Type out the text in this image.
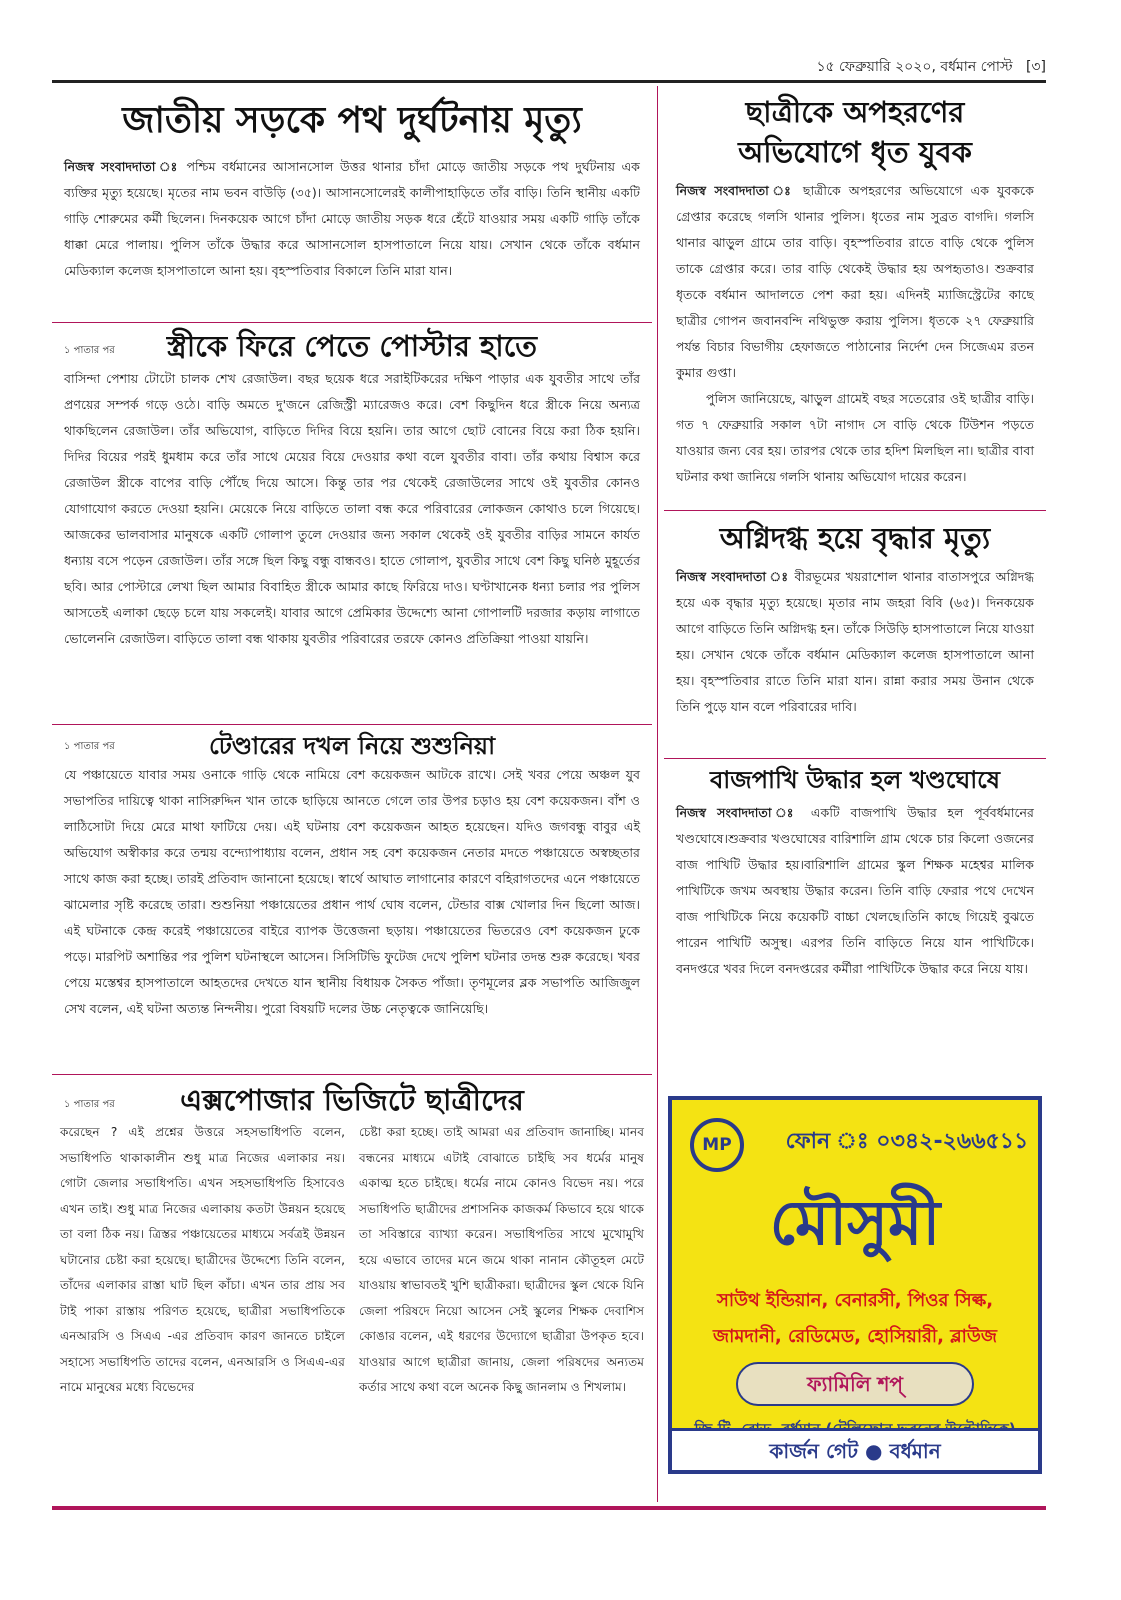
১৫ ফেব্রুয়ারি ২০২০, বর্ধমান পোস্ট [৩]
জাতীয় সড়কে পথ দুর্ঘটনায় মৃত্যু
নিজস্ব সংবাদদাতা ঃ পশ্চিম বর্ধমানের আসানসোল উত্তর থানার চাঁদা মোড়ে জাতীয় সড়কে পথ দুর্ঘটনায় এক ব্যক্তির মৃত্যু হয়েছে। মৃতের নাম ভবন বাউড়ি (৩৫)। আসানসোলেরই কালীপাহাড়িতে তাঁর বাড়ি। তিনি স্থানীয় একটি গাড়ি শোরুমের কর্মী ছিলেন। দিনকয়েক আগে চাঁদা মোড়ে জাতীয় সড়ক ধরে হেঁটে যাওয়ার সময় একটি গাড়ি তাঁকে ধাক্কা মেরে পালায়। পুলিস তাঁকে উদ্ধার করে আসানসোল হাসপাতালে নিয়ে যায়। সেখান থেকে তাঁকে বর্ধমান মেডিক্যাল কলেজ হাসপাতালে আনা হয়। বৃহস্পতিবার বিকালে তিনি মারা যান।
১ পাতার পর	স্ত্রীকে ফিরে পেতে পোস্টার হাতে
বাসিন্দা পেশায় টোটো চালক শেখ রেজাউল। বছর ছয়েক ধরে সরাইটিকরের দক্ষিণ পাড়ার এক যুবতীর সাথে তাঁর প্রণয়ের সম্পর্ক গড়ে ওঠে। বাড়ি অমতে দু'জনে রেজিস্ট্রী ম্যারেজও করে। বেশ কিছুদিন ধরে স্ত্রীকে নিয়ে অন্যত্র থাকছিলেন রেজাউল। তাঁর অভিযোগ, বাড়িতে দিদির বিয়ে হয়নি। তার আগে ছোট বোনের বিয়ে করা ঠিক হয়নি। দিদির বিয়ের পরই ধুমধাম করে তাঁর সাথে মেয়ের বিয়ে দেওয়ার কথা বলে যুবতীর বাবা। তাঁর কথায় বিশ্বাস করে রেজাউল স্ত্রীকে বাপের বাড়ি পৌঁছে দিয়ে আসে। কিন্তু তার পর থেকেই রেজাউলের সাথে ওই যুবতীর কোনও যোগাযোগ করতে দেওয়া হয়নি। মেয়েকে নিয়ে বাড়িতে তালা বন্ধ করে পরিবারের লোকজন কোথাও চলে গিয়েছে। আজকের ভালবাসার মানুষকে একটি গোলাপ তুলে দেওয়ার জন্য সকাল থেকেই ওই যুবতীর বাড়ির সামনে কার্যত ধন্যায় বসে পড়েন রেজাউল। তাঁর সঙ্গে ছিল কিছু বন্ধু বান্ধবও। হাতে গোলাপ, যুবতীর সাথে বেশ কিছু ঘনিষ্ঠ মুহূর্তের ছবি। আর পোস্টারে লেখা ছিল আমার বিবাহিত স্ত্রীকে আমার কাছে ফিরিয়ে দাও। ঘণ্টাখানেক ধন্যা চলার পর পুলিস আসতেই এলাকা ছেড়ে চলে যায় সকলেই। যাবার আগে প্রেমিকার উদ্দেশ্যে আনা গোপালটি দরজার কড়ায় লাগাতে ভোলেননি রেজাউল। বাড়িতে তালা বন্ধ থাকায় যুবতীর পরিবারের তরফে কোনও প্রতিক্রিয়া পাওয়া যায়নি।
১ পাতার পর	টেণ্ডারের দখল নিয়ে শুশুনিয়া
যে পঞ্চায়েতে যাবার সময় ওনাকে গাড়ি থেকে নামিয়ে বেশ কয়েকজন আটকে রাখে। সেই খবর পেয়ে অঞ্চল যুব সভাপতির দায়িত্বে থাকা নাসিরুদ্দিন খান তাকে ছাড়িয়ে আনতে গেলে তার উপর চড়াও হয় বেশ কয়েকজন। বাঁশ ও লাঠিসোটা দিয়ে মেরে মাথা ফাটিয়ে দেয়। এই ঘটনায় বেশ কয়েকজন আহত হয়েছেন। যদিও জগবন্ধু বাবুর এই অভিযোগ অস্বীকার করে তন্ময় বন্দ্যোপাধ্যায় বলেন, প্রধান সহ বেশ কয়েকজন নেতার মদতে পঞ্চায়েতে অস্বচ্ছতার সাথে কাজ করা হচ্ছে। তারই প্রতিবাদ জানানো হয়েছে। স্বার্থে আঘাত লাগানোর কারণে বহিরাগতদের এনে পঞ্চায়েতে ঝামেলার সৃষ্টি করেছে তারা। শুশুনিয়া পঞ্চায়েতের প্রধান পার্থ ঘোষ বলেন, টেন্ডার বাক্স খোলার দিন ছিলো আজ। এই ঘটনাকে কেন্দ্র করেই পঞ্চায়েতের বাইরে ব্যাপক উত্তেজনা ছড়ায়। পঞ্চায়েতের ভিতরেও বেশ কয়েকজন ঢুকে পড়ে। মারপিট অশান্তির পর পুলিশ ঘটনাস্থলে আসেন। সিসিটিভি ফুটেজ দেখে পুলিশ ঘটনার তদন্ত শুরু করেছে। খবর পেয়ে মস্তেশ্বর হাসপাতালে আহতদের দেখতে যান স্থানীয় বিধায়ক সৈকত পাঁজা। তৃণমূলের ব্লক সভাপতি আজিজুল সেখ বলেন, এই ঘটনা অত্যন্ত নিন্দনীয়। পুরো বিষয়টি দলের উচ্চ নেতৃত্বকে জানিয়েছি।
১ পাতার পর	এক্সপোজার ভিজিটে ছাত্রীদের
করেছেন ? এই প্রশ্নের উত্তরে সহসভাধিপতি বলেন, সভাধিপতি থাকাকালীন শুধু মাত্র নিজের এলাকার নয়। গোটা জেলার সভাধিপতি। এখন সহসভাধিপতি হিসাবেও এখন তাই। শুধু মাত্র নিজের এলাকায় কতটা উন্নয়ন হয়েছে তা বলা ঠিক নয়। ত্রিস্তর পঞ্চায়েতের মাধ্যমে সর্বত্রই উন্নয়ন ঘটানোর চেষ্টা করা হয়েছে। ছাত্রীদের উদ্দেশ্যে তিনি বলেন, তাঁদের এলাকার রাস্তা ঘাট ছিল কাঁচা। এখন তার প্রায় সব টাই পাকা রাস্তায় পরিণত হয়েছে, ছাত্রীরা সভাধিপতিকে এনআরসি ও সিএএ -এর প্রতিবাদ কারণ জানতে চাইলে সহাস্যে সভাধিপতি তাদের বলেন, এনআরসি ও সিএএ-এর নামে মানুষের মধ্যে বিভেদের
চেষ্টা করা হচ্ছে। তাই আমরা এর প্রতিবাদ জানাচ্ছি। মানব বন্ধনের মাধ্যমে এটাই বোঝাতে চাইছি সব ধর্মের মানুষ একাত্ম হতে চাইছে। ধর্মের নামে কোনও বিভেদ নয়। পরে সভাধিপতি ছাত্রীদের প্রশাসনিক কাজকর্ম কিভাবে হয়ে থাকে তা সবিস্তারে ব্যাখ্যা করেন। সভাধিপতির সাথে মুখোমুখি হয়ে এভাবে তাদের মনে জমে থাকা নানান কৌতূহল মেটে যাওয়ায় স্বাভাবতই খুশি ছাত্রীকরা। ছাত্রীদের স্কুল থেকে যিনি জেলা পরিষদে নিয়ো আসেন সেই স্কুলের শিক্ষক দেবাশিস কোঙার বলেন, এই ধরণের উদ্যোগে ছাত্রীরা উপকৃত হবে। যাওয়ার আগে ছাত্রীরা জানায়, জেলা পরিষদের অন্যতম কর্তার সাথে কথা বলে অনেক কিছু জানলাম ও শিখলাম।
ছাত্রীকে অপহরণের
অভিযোগে ধৃত যুবক
নিজস্ব সংবাদদাতা ঃ ছাত্রীকে অপহরণের অভিযোগে এক যুবককে গ্রেপ্তার করেছে গলসি থানার পুলিস। ধৃতের নাম সুব্রত বাগদি। গলসি থানার ঝাড়ুল গ্রামে তার বাড়ি। বৃহস্পতিবার রাতে বাড়ি থেকে পুলিস তাকে গ্রেপ্তার করে। তার বাড়ি থেকেই উদ্ধার হয় অপহৃতাও। শুক্রবার ধৃতকে বর্ধমান আদালতে পেশ করা হয়। এদিনই ম্যাজিস্ট্রেটের কাছে ছাত্রীর গোপন জবানবন্দি নথিভুক্ত করায় পুলিস। ধৃতকে ২৭ ফেব্রুয়ারি পর্যন্ত বিচার বিভাগীয় হেফাজতে পাঠানোর নির্দেশ দেন সিজেএম রতন কুমার গুপ্তা।
পুলিস জানিয়েছে, ঝাড়ুল গ্রামেই বছর সতেরোর ওই ছাত্রীর বাড়ি। গত ৭ ফেব্রুয়ারি সকাল ৭টা নাগাদ সে বাড়ি থেকে টিউশন পড়তে যাওয়ার জন্য বের হয়। তারপর থেকে তার হদিশ মিলছিল না। ছাত্রীর বাবা ঘটনার কথা জানিয়ে গলসি থানায় অভিযোগ দায়ের করেন।
অগ্নিদগ্ধ হয়ে বৃদ্ধার মৃত্যু
নিজস্ব সংবাদদাতা ঃ বীরভূমের খয়রাশোল থানার বাতাসপুরে অগ্নিদগ্ধ হয়ে এক বৃদ্ধার মৃত্যু হয়েছে। মৃতার নাম জহরা বিবি (৬৫)। দিনকয়েক আগে বাড়িতে তিনি অগ্নিদগ্ধ হন। তাঁকে সিউড়ি হাসপাতালে নিয়ে যাওয়া হয়। সেখান থেকে তাঁকে বর্ধমান মেডিক্যাল কলেজ হাসপাতালে আনা হয়। বৃহস্পতিবার রাতে তিনি মারা যান। রান্না করার সময় উনান থেকে তিনি পুড়ে যান বলে পরিবারের দাবি।
বাজপাখি উদ্ধার হল খণ্ডঘোষে
নিজস্ব সংবাদদাতা ঃ একটি বাজপাখি উদ্ধার হল পূর্ববর্ধমানের খণ্ডঘোষে।শুক্রবার খণ্ডঘোষের বারিশালি গ্রাম থেকে চার কিলো ওজনের বাজ পাখিটি উদ্ধার হয়।বারিশালি গ্রামের স্কুল শিক্ষক মহেশ্বর মালিক পাখিটিকে জখম অবস্থায় উদ্ধার করেন। তিনি বাড়ি ফেরার পথে দেখেন বাজ পাখিটিকে নিয়ে কয়েকটি বাচ্চা খেলছে।তিনি কাছে গিয়েই বুঝতে পারেন পাখিটি অসুস্থ। এরপর তিনি বাড়িতে নিয়ে যান পাখিটিকে। বনদপ্তরে খবর দিলে বনদপ্তরের কর্মীরা পাখিটিকে উদ্ধার করে নিয়ে যায়।
MP	ফোন ঃ ০৩৪২-২৬৬৫১১
মৌসুমী
সাউথ ইন্ডিয়ান, বেনারসী, পিওর সিল্ক,
জামদানী, রেডিমেড, হোসিয়ারী, ব্লাউজ
ফ্যামিলি শপ্
কার্জন গেট ● বর্ধমান
